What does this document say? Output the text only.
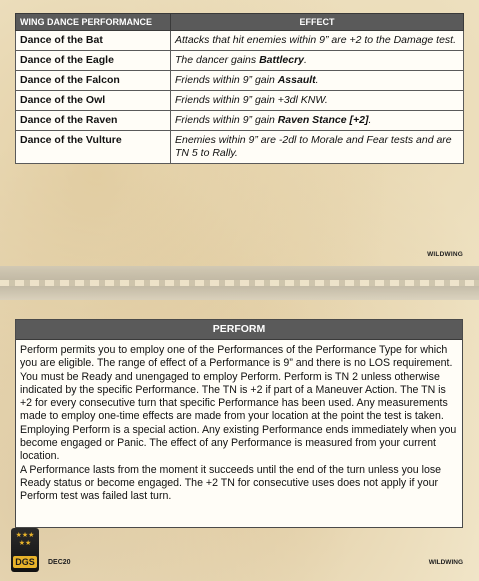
WING DANCE PERFORMANCE	EFFECT
Dance of the Bat	Attacks that hit enemies within 9” are +2 to the Damage test.
Dance of the Eagle	The dancer gains Battlecry.
Dance of the Falcon	Friends within 9” gain Assault.
Dance of the Owl	Friends within 9” gain +3dl KNW.
Dance of the Raven	Friends within 9” gain Raven Stance [+2].
Dance of the Vulture	Enemies within 9” are -2dl to Morale and Fear tests and are TN 5 to Rally.
WILDWING
PERFORM

Perform permits you to employ one of the Performances of the Performance Type for which you are eligible. The range of effect of a Performance is 9” and there is no LOS requirement. You must be Ready and unengaged to employ Perform. Perform is TN 2 unless otherwise indicated by the specific Performance. The TN is +2 if part of a Maneuver Action. The TN is +2 for every consecutive turn that specific Performance has been used. Any measurements made to employ one-time effects are made from your location at the point the test is taken. Employing Perform is a special action. Any existing Performance ends immediately when you become engaged or Panic. The effect of any Performance is measured from your current location.

A Performance lasts from the moment it succeeds until the end of the turn unless you lose Ready status or become engaged. The +2 TN for consecutive uses does not apply if your Perform test was failed last turn.

★★★
★★
DGS	DEC20	WILDWING
